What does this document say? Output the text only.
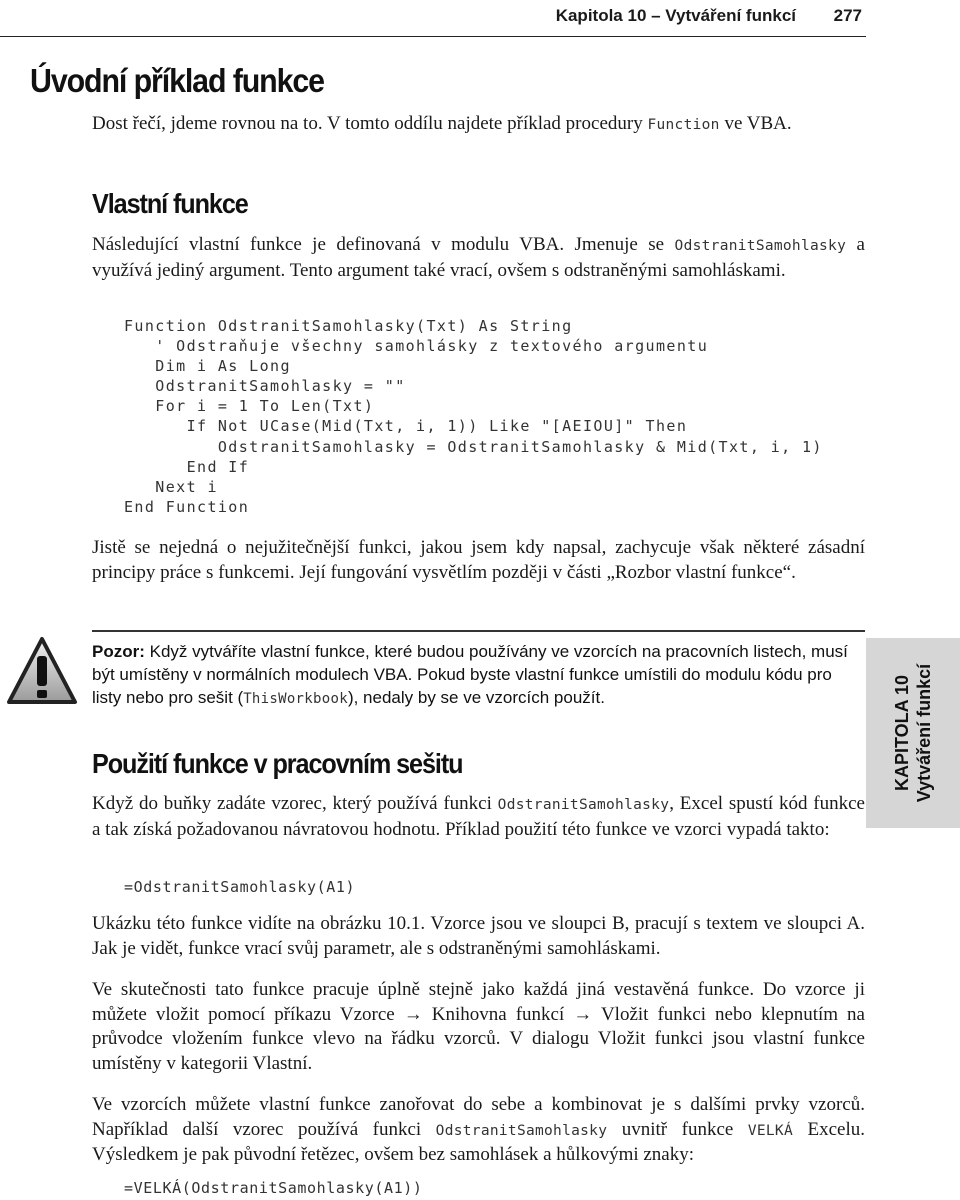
Kapitola 10 – Vytváření funkcí 277
Úvodní příklad funkce

Dost řečí, jdeme rovnou na to. V tomto oddílu najdete příklad procedury Function ve VBA.

Vlastní funkce

Následující vlastní funkce je definovaná v modulu VBA. Jmenuje se OdstranitSamohlasky a využívá jediný argument. Tento argument také vrací, ovšem s odstraněnými samohláskami.

Function OdstranitSamohlasky(Txt) As String
' Odstraňuje všechny samohlásky z textového argumentu
Dim i As Long
OdstranitSamohlasky = ""
For i = 1 To Len(Txt)
If Not UCase(Mid(Txt, i, 1)) Like "[AEIOU]" Then
OdstranitSamohlasky = OdstranitSamohlasky & Mid(Txt, i, 1)
End If
Next i
End Function

Jistě se nejedná o nejužitečnější funkci, jakou jsem kdy napsal, zachycuje však některé zásadní principy práce s funkcemi. Její fungování vysvětlím později v části „Rozbor vlastní funkce“.

Pozor: Když vytváříte vlastní funkce, které budou používány ve vzorcích na pracovních listech, musí být umístěny v normálních modulech VBA. Pokud byste vlastní funkce umístili do modulu kódu pro listy nebo pro sešit (ThisWorkbook), nedaly by se ve vzorcích použít.	KAPITOLA 10 Vytváření funkcí
Použití funkce v pracovním sešitu

Když do buňky zadáte vzorec, který používá funkci OdstranitSamohlasky, Excel spustí kód funkce a tak získá požadovanou návratovou hodnotu. Příklad použití této funkce ve vzorci vypadá takto:

=OdstranitSamohlasky(A1)

Ukázku této funkce vidíte na obrázku 10.1. Vzorce jsou ve sloupci B, pracují s textem ve sloupci A. Jak je vidět, funkce vrací svůj parametr, ale s odstraněnými samohláskami.

Ve skutečnosti tato funkce pracuje úplně stejně jako každá jiná vestavěná funkce. Do vzorce ji můžete vložit pomocí příkazu Vzorce → Knihovna funkcí → Vložit funkci nebo klepnutím na průvodce vložením funkce vlevo na řádku vzorců. V dialogu Vložit funkci jsou vlastní funkce umístěny v kategorii Vlastní.

Ve vzorcích můžete vlastní funkce zanořovat do sebe a kombinovat je s dalšími prvky vzorců. Například další vzorec používá funkci OdstranitSamohlasky uvnitř funkce VELKÁ Excelu. Výsledkem je pak původní řetězec, ovšem bez samohlásek a hůlkovými znaky:

=VELKÁ(OdstranitSamohlasky(A1))
